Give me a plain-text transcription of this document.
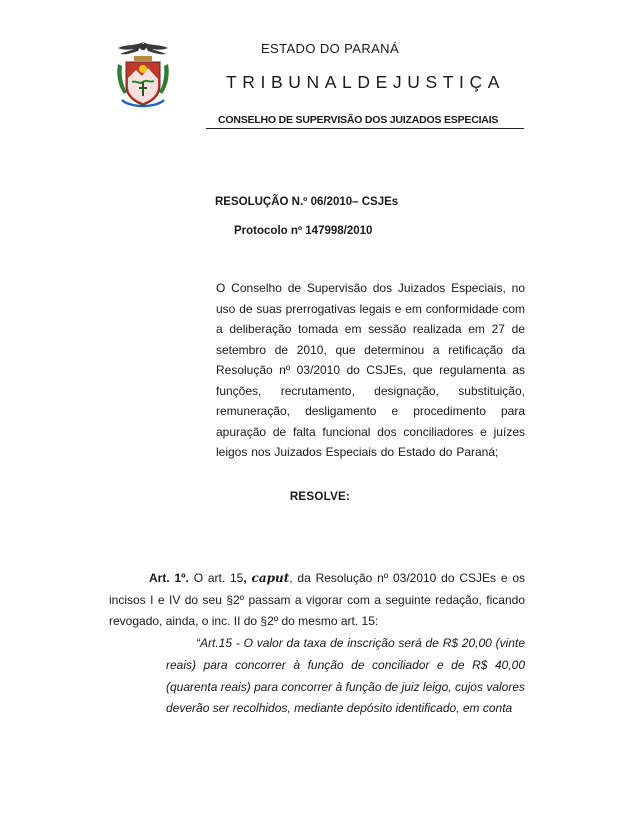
ESTADO DO PARANÁ
TRIBUNALDEJUSTIÇA
CONSELHO DE SUPERVISÃO DOS JUIZADOS ESPECIAIS
RESOLUÇÃO N.º 06/2010– CSJEs
Protocolo nº 147998/2010
O Conselho de Supervisão dos Juizados Especiais, no uso de suas prerrogativas legais e em conformidade com a deliberação tomada em sessão realizada em 27 de setembro de 2010, que determinou a retificação da Resolução nº 03/2010 do CSJEs, que regulamenta as funções, recrutamento, designação, substituição, remuneração, desligamento e procedimento para apuração de falta funcional dos conciliadores e juízes leigos nos Juizados Especiais do Estado do Paraná;
RESOLVE:
Art. 1º. O art. 15, caput, da Resolução nº 03/2010 do CSJEs e os incisos I e IV do seu §2º passam a vigorar com a seguinte redação, ficando revogado, ainda, o inc. II do §2º do mesmo art. 15:
“Art.15 - O valor da taxa de inscrição será de R$ 20,00 (vinte reais) para concorrer à função de conciliador e de R$ 40,00 (quarenta reais) para concorrer à função de juiz leigo, cujos valores deverão ser recolhidos, mediante depósito identificado, em conta
